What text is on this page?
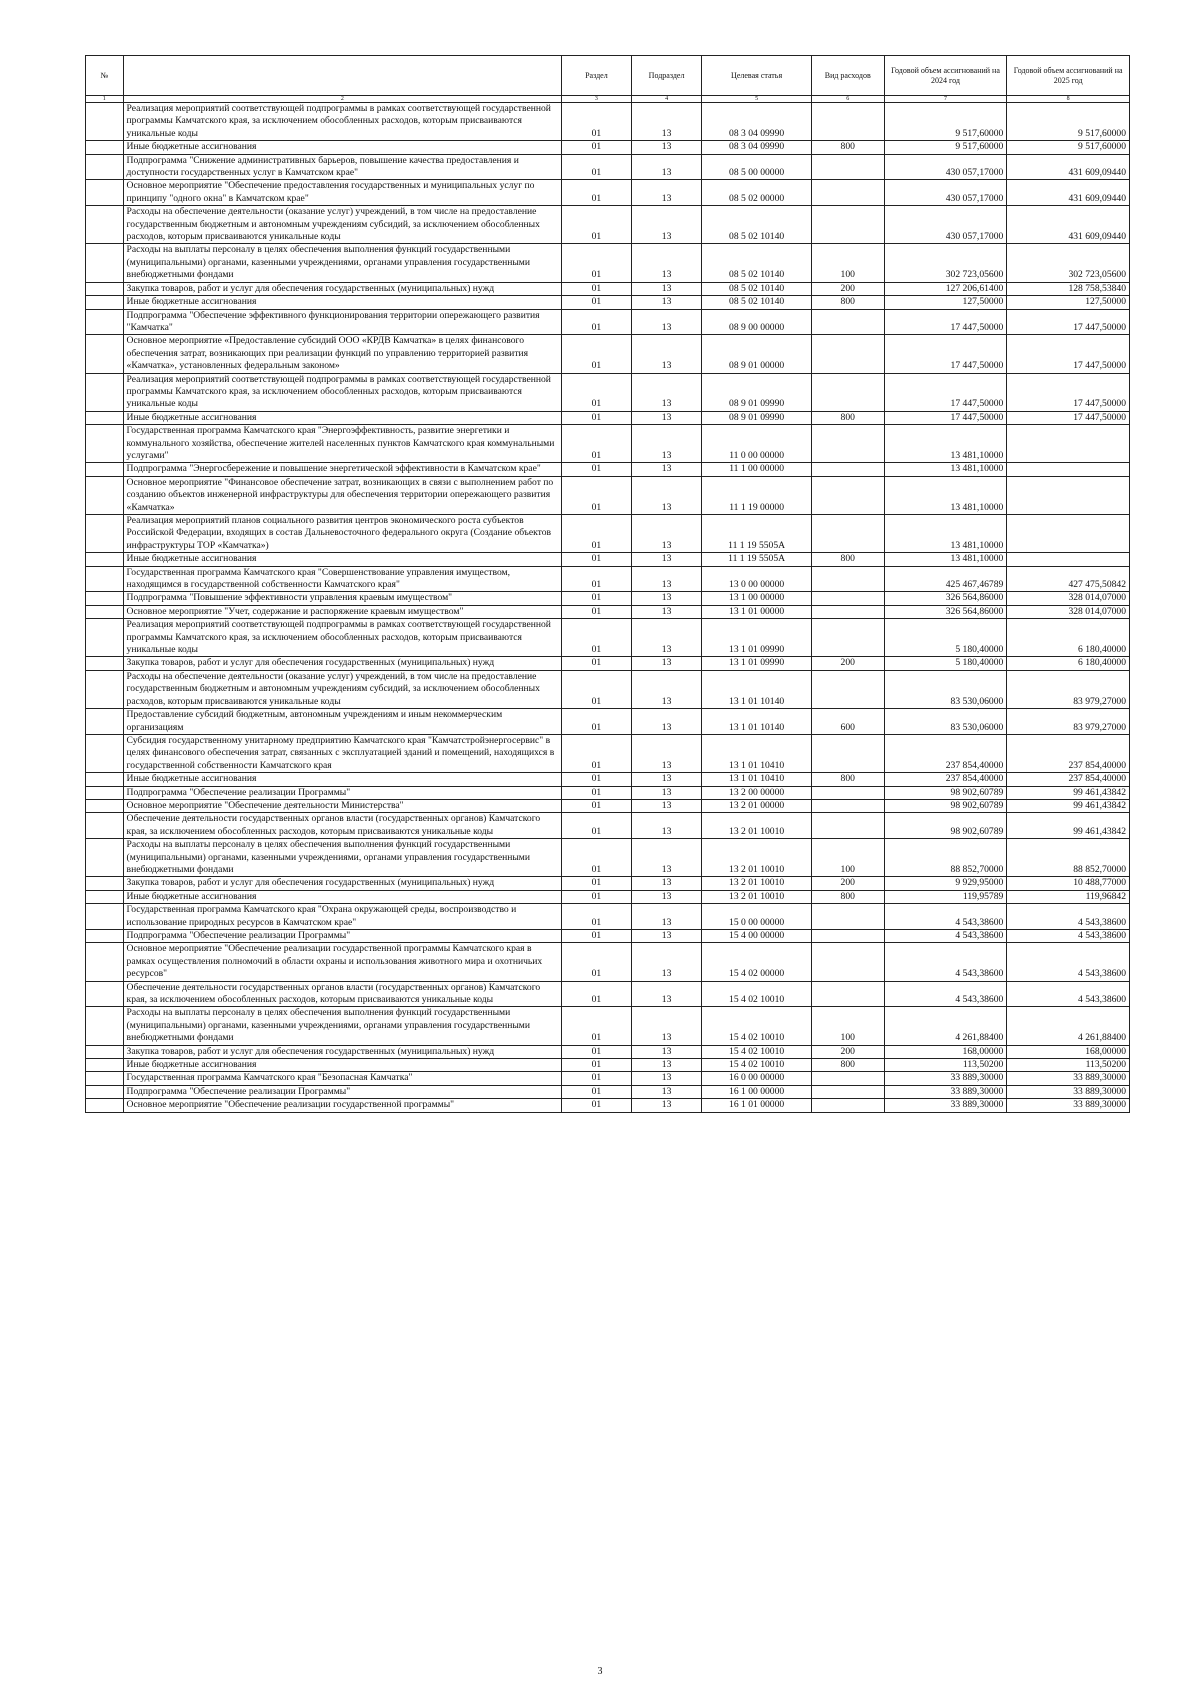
№		Раздел	Подраздел	Целевая статья	Вид расходов	Годовой объем ассигнований на 2024 год	Годовой объем ассигнований на 2025 год
1	2	3	4	5	6	7	8
	Реализация мероприятий соответствующей подпрограммы в рамках соответствующей государственной программы Камчатского края, за исключением обособленных расходов, которым присваиваются уникальные коды	01	13	08 3 04 09990		9 517,60000	9 517,60000
	Иные бюджетные ассигнования	01	13	08 3 04 09990	800	9 517,60000	9 517,60000
	Подпрограмма "Снижение административных барьеров, повышение качества предоставления и доступности государственных услуг в Камчатском крае"	01	13	08 5 00 00000		430 057,17000	431 609,09440
	Основное мероприятие "Обеспечение предоставления государственных и муниципальных услуг по принципу "одного окна" в Камчатском крае"	01	13	08 5 02 00000		430 057,17000	431 609,09440
	Расходы на обеспечение деятельности (оказание услуг) учреждений, в том числе на предоставление государственным бюджетным и автономным учреждениям субсидий, за исключением обособленных расходов, которым присваиваются уникальные коды	01	13	08 5 02 10140		430 057,17000	431 609,09440
	Расходы на выплаты персоналу в целях обеспечения выполнения функций государственными (муниципальными) органами, казенными учреждениями, органами управления государственными внебюджетными фондами	01	13	08 5 02 10140	100	302 723,05600	302 723,05600
	Закупка товаров, работ и услуг для обеспечения государственных (муниципальных) нужд	01	13	08 5 02 10140	200	127 206,61400	128 758,53840
	Иные бюджетные ассигнования	01	13	08 5 02 10140	800	127,50000	127,50000
	Подпрограмма "Обеспечение эффективного функционирования территории опережающего развития "Камчатка"	01	13	08 9 00 00000		17 447,50000	17 447,50000
	Основное мероприятие «Предоставление субсидий ООО «КРДВ Камчатка» в целях финансового обеспечения затрат, возникающих при реализации функций по управлению территорией развития «Камчатка», установленных федеральным законом»	01	13	08 9 01 00000		17 447,50000	17 447,50000
	Реализация мероприятий соответствующей подпрограммы в рамках соответствующей государственной программы Камчатского края, за исключением обособленных расходов, которым присваиваются уникальные коды	01	13	08 9 01 09990		17 447,50000	17 447,50000
	Иные бюджетные ассигнования	01	13	08 9 01 09990	800	17 447,50000	17 447,50000
	Государственная программа Камчатского края "Энергоэффективность, развитие энергетики и коммунального хозяйства, обеспечение жителей населенных пунктов Камчатского края коммунальными услугами"	01	13	11 0 00 00000		13 481,10000	
	Подпрограмма "Энергосбережение и повышение энергетической эффективности в Камчатском крае"	01	13	11 1 00 00000		13 481,10000	
	Основное мероприятие "Финансовое обеспечение затрат, возникающих в связи с выполнением работ по созданию объектов инженерной инфраструктуры для обеспечения территории опережающего развития «Камчатка»	01	13	11 1 19 00000		13 481,10000	
	Реализация мероприятий планов социального развития центров экономического роста субъектов Российской Федерации, входящих в состав Дальневосточного федерального округа (Создание объектов инфраструктуры ТОР «Камчатка»)	01	13	11 1 19 5505А		13 481,10000	
	Иные бюджетные ассигнования	01	13	11 1 19 5505А	800	13 481,10000	
	Государственная программа Камчатского края "Совершенствование управления имуществом, находящимся в государственной собственности Камчатского края"	01	13	13 0 00 00000		425 467,46789	427 475,50842
	Подпрограмма "Повышение эффективности управления краевым имуществом"	01	13	13 1 00 00000		326 564,86000	328 014,07000
	Основное мероприятие "Учет, содержание и распоряжение краевым имуществом"	01	13	13 1 01 00000		326 564,86000	328 014,07000
	Реализация мероприятий соответствующей подпрограммы в рамках соответствующей государственной программы Камчатского края, за исключением обособленных расходов, которым присваиваются уникальные коды	01	13	13 1 01 09990		5 180,40000	6 180,40000
	Закупка товаров, работ и услуг для обеспечения государственных (муниципальных) нужд	01	13	13 1 01 09990	200	5 180,40000	6 180,40000
	Расходы на обеспечение деятельности (оказание услуг) учреждений, в том числе на предоставление государственным бюджетным и автономным учреждениям субсидий, за исключением обособленных расходов, которым присваиваются уникальные коды	01	13	13 1 01 10140		83 530,06000	83 979,27000
	Предоставление субсидий бюджетным, автономным учреждениям и иным некоммерческим организациям	01	13	13 1 01 10140	600	83 530,06000	83 979,27000
	Субсидия государственному унитарному предприятию Камчатского края "Камчатстройэнергосервис" в целях финансового обеспечения затрат, связанных с эксплуатацией зданий и помещений, находящихся в государственной собственности Камчатского края	01	13	13 1 01 10410		237 854,40000	237 854,40000
	Иные бюджетные ассигнования	01	13	13 1 01 10410	800	237 854,40000	237 854,40000
	Подпрограмма "Обеспечение реализации Программы"	01	13	13 2 00 00000		98 902,60789	99 461,43842
	Основное мероприятие "Обеспечение деятельности Министерства"	01	13	13 2 01 00000		98 902,60789	99 461,43842
	Обеспечение деятельности государственных органов власти (государственных органов) Камчатского края, за исключением обособленных расходов, которым присваиваются уникальные коды	01	13	13 2 01 10010		98 902,60789	99 461,43842
	Расходы на выплаты персоналу в целях обеспечения выполнения функций государственными (муниципальными) органами, казенными учреждениями, органами управления государственными внебюджетными фондами	01	13	13 2 01 10010	100	88 852,70000	88 852,70000
	Закупка товаров, работ и услуг для обеспечения государственных (муниципальных) нужд	01	13	13 2 01 10010	200	9 929,95000	10 488,77000
	Иные бюджетные ассигнования	01	13	13 2 01 10010	800	119,95789	119,96842
	Государственная программа Камчатского края "Охрана окружающей среды, воспроизводство и использование природных ресурсов в Камчатском крае"	01	13	15 0 00 00000		4 543,38600	4 543,38600
	Подпрограмма "Обеспечение реализации Программы"	01	13	15 4 00 00000		4 543,38600	4 543,38600
	Основное мероприятие "Обеспечение реализации государственной программы Камчатского края в рамках осуществления полномочий в области охраны и использования животного мира и охотничьих ресурсов"	01	13	15 4 02 00000		4 543,38600	4 543,38600
	Обеспечение деятельности государственных органов власти (государственных органов) Камчатского края, за исключением обособленных расходов, которым присваиваются уникальные коды	01	13	15 4 02 10010		4 543,38600	4 543,38600
	Расходы на выплаты персоналу в целях обеспечения выполнения функций государственными (муниципальными) органами, казенными учреждениями, органами управления государственными внебюджетными фондами	01	13	15 4 02 10010	100	4 261,88400	4 261,88400
	Закупка товаров, работ и услуг для обеспечения государственных (муниципальных) нужд	01	13	15 4 02 10010	200	168,00000	168,00000
	Иные бюджетные ассигнования	01	13	15 4 02 10010	800	113,50200	113,50200
	Государственная программа Камчатского края "Безопасная Камчатка"	01	13	16 0 00 00000		33 889,30000	33 889,30000
	Подпрограмма "Обеспечение реализации Программы"	01	13	16 1 00 00000		33 889,30000	33 889,30000
	Основное мероприятие "Обеспечение реализации государственной программы"	01	13	16 1 01 00000		33 889,30000	33 889,30000
3
